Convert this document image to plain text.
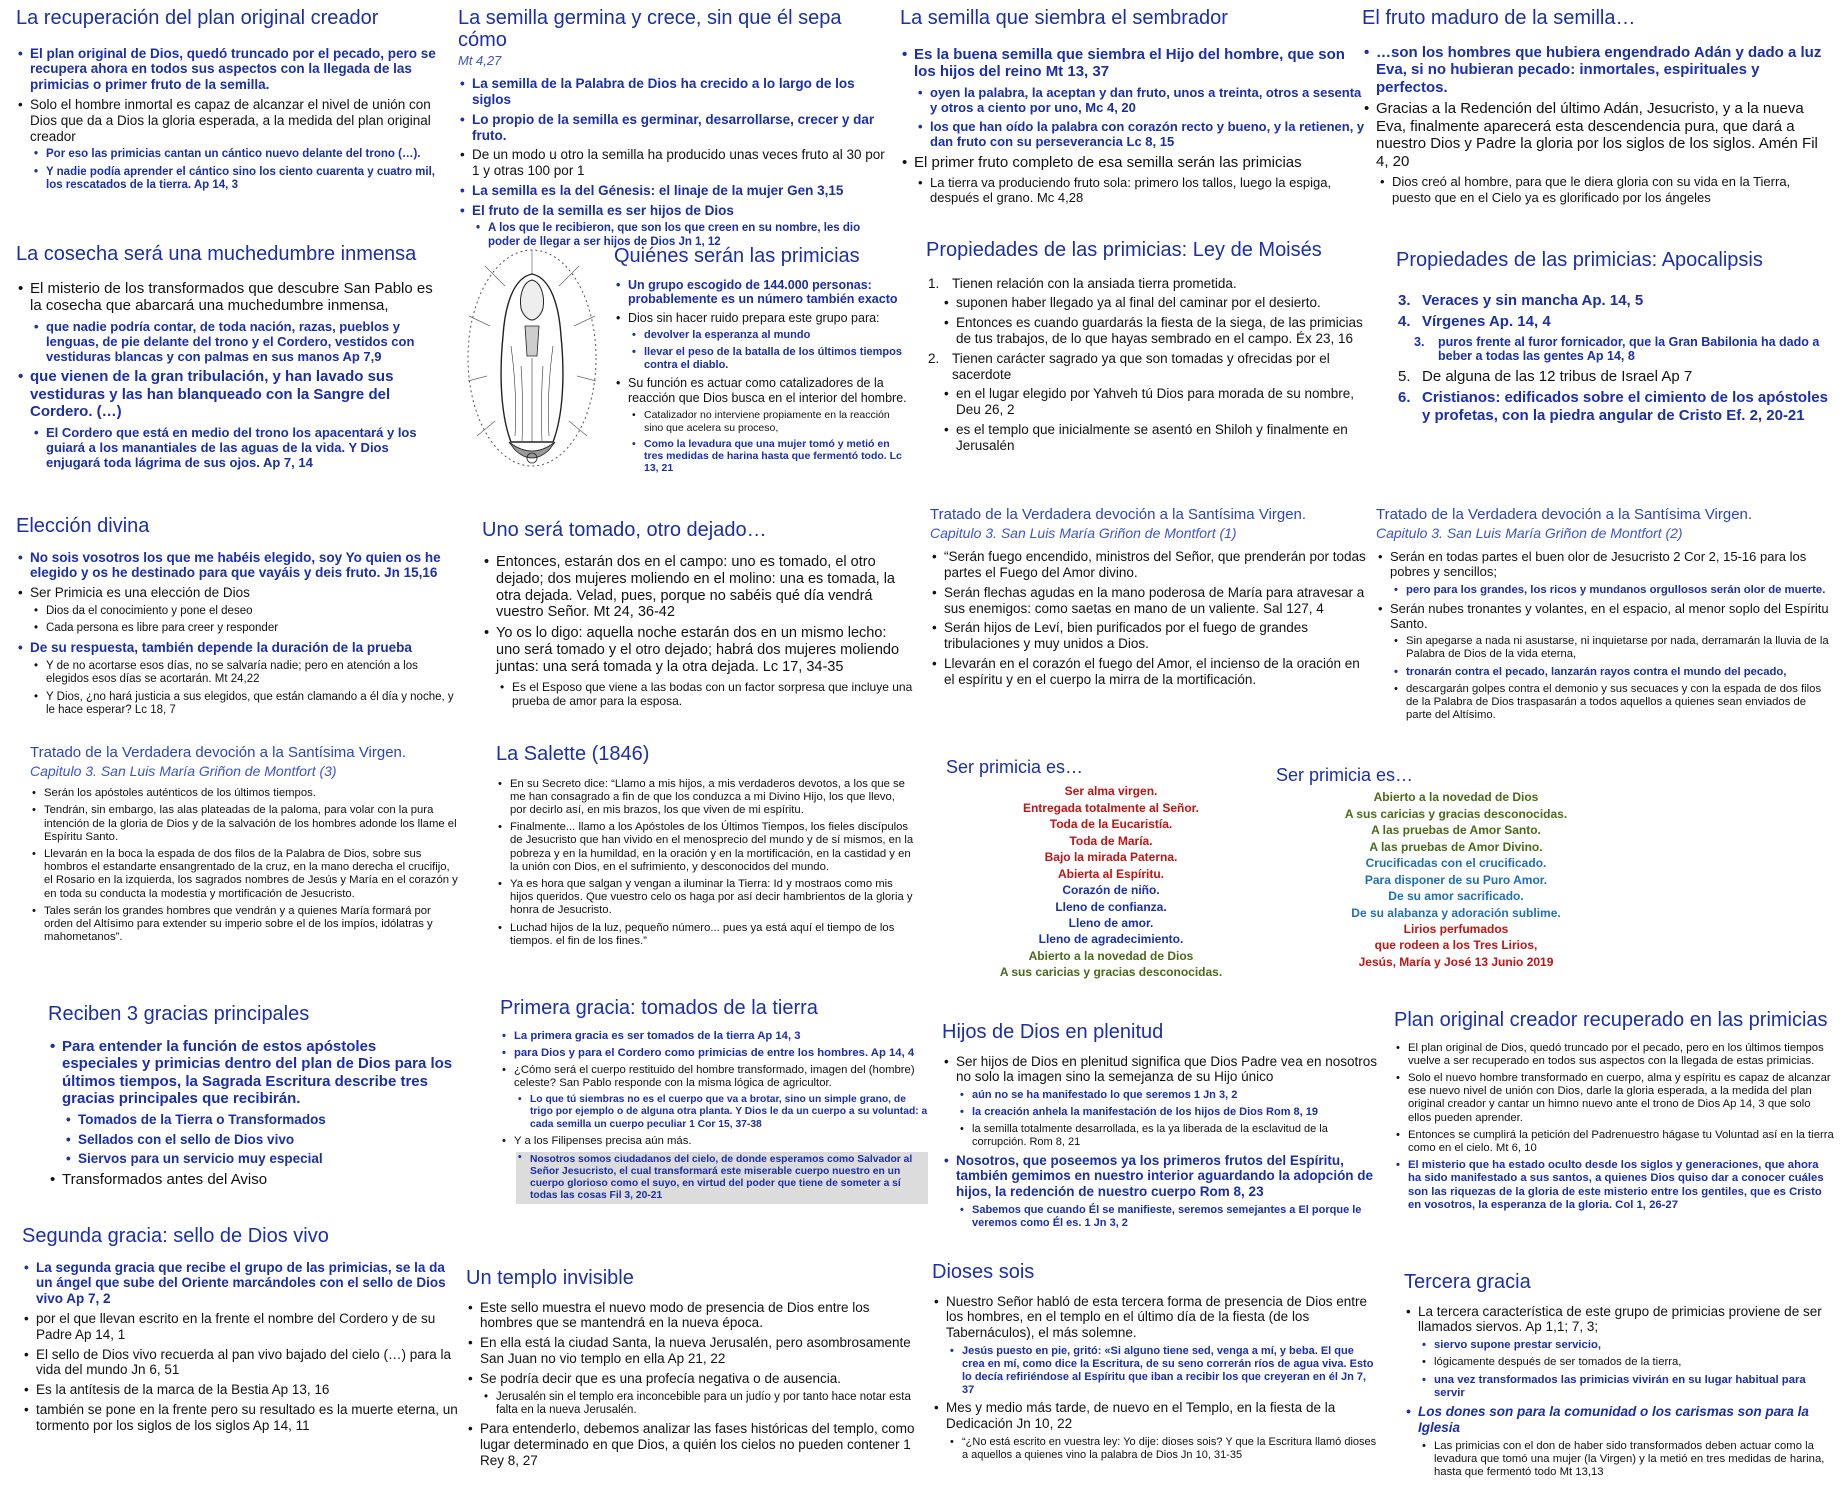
La recuperación del plan original creador
• El plan original de Dios, quedó truncado por el pecado, pero se recupera ahora en todos sus aspectos con la llegada de las primicias o primer fruto de la semilla.
• Solo el hombre inmortal es capaz de alcanzar el nivel de unión con Dios que da a Dios la gloria esperada, a la medida del plan original creador
• Por eso las primicias cantan un cántico nuevo delante del trono (…).
• Y nadie podía aprender el cántico sino los ciento cuarenta y cuatro mil, los rescatados de la tierra. Ap 14, 3
La cosecha será una muchedumbre inmensa
• El misterio de los transformados que descubre San Pablo es la cosecha que abarcará una muchedumbre inmensa,
• que nadie podría contar, de toda nación, razas, pueblos y lenguas, de pie delante del trono y el Cordero, vestidos con vestiduras blancas y con palmas en sus manos Ap 7,9
• que vienen de la gran tribulación, y han lavado sus vestiduras y las han blanqueado con la Sangre del Cordero. (…)
• El Cordero que está en medio del trono los apacentará y los guiará a los manantiales de las aguas de la vida. Y Dios enjugará toda lágrima de sus ojos. Ap 7, 14
Elección divina
• No sois vosotros los que me habéis elegido, soy Yo quien os he elegido y os he destinado para que vayáis y deis fruto. Jn 15,16
• Ser Primicia es una elección de Dios
• Dios da el conocimiento y pone el deseo
• Cada persona es libre para creer y responder
• De su respuesta, también depende la duración de la prueba
• Y de no acortarse esos días, no se salvaría nadie; pero en atención a los elegidos esos días se acortarán. Mt 24,22
• Y Dios, ¿no hará justicia a sus elegidos, que están clamando a él día y noche, y le hace esperar? Lc 18, 7
Tratado de la Verdadera devoción a la Santísima Virgen.
Capitulo 3. San Luis María Griñon de Montfort (3)
• Serán los apóstoles auténticos de los últimos tiempos.
• Tendrán, sin embargo, las alas plateadas de la paloma, para volar con la pura intención de la gloria de Dios y de la salvación de los hombres adonde los llame el Espíritu Santo.
• Llevarán en la boca la espada de dos filos de la Palabra de Dios, sobre sus hombros el estandarte ensangrentado de la cruz, en la mano derecha el crucifijo, el Rosario en la izquierda, los sagrados nombres de Jesús y María en el corazón y en toda su conducta la modestia y mortificación de Jesucristo.
• Tales serán los grandes hombres que vendrán y a quienes María formará por orden del Altísimo para extender su imperio sobre el de los impíos, idólatras y mahometanos”.
Reciben 3 gracias principales
• Para entender la función de estos apóstoles especiales y primicias dentro del plan de Dios para los últimos tiempos, la Sagrada Escritura describe tres gracias principales que recibirán.
• Tomados de la Tierra o Transformados
• Sellados con el sello de Dios vivo
• Siervos para un servicio muy especial
• Transformados antes del Aviso
Segunda gracia: sello de Dios vivo
• La segunda gracia que recibe el grupo de las primicias, se la da un ángel que sube del Oriente marcándoles con el sello de Dios vivo Ap 7, 2
• por el que llevan escrito en la frente el nombre del Cordero y de su Padre Ap 14, 1
• El sello de Dios vivo recuerda al pan vivo bajado del cielo (…) para la vida del mundo Jn 6, 51
• Es la antítesis de la marca de la Bestia Ap 13, 16
• también se pone en la frente pero su resultado es la muerte eterna, un tormento por los siglos de los siglos Ap 14, 11
La semilla germina y crece, sin que él sepa cómo
Mt 4,27
• La semilla de la Palabra de Dios ha crecido a lo largo de los siglos
• Lo propio de la semilla es germinar, desarrollarse, crecer y dar fruto.
• De un modo u otro la semilla ha producido unas veces fruto al 30 por 1 y otras 100 por 1
• La semilla es la del Génesis: el linaje de la mujer Gen 3,15
• El fruto de la semilla es ser hijos de Dios
• A los que le recibieron, que son los que creen en su nombre, les dio poder de llegar a ser hijos de Dios Jn 1, 12
Quiénes serán las primicias
• Un grupo escogido de 144.000 personas: probablemente es un número también exacto
• Dios sin hacer ruido prepara este grupo para:
• devolver la esperanza al mundo
• llevar el peso de la batalla de los últimos tiempos contra el diablo.
• Su función es actuar como catalizadores de la reacción que Dios busca en el interior del hombre.
• Catalizador no interviene propiamente en la reacción sino que acelera su proceso,
• Como la levadura que una mujer tomó y metió en tres medidas de harina hasta que fermentó todo. Lc 13, 21
Uno será tomado, otro dejado…
• Entonces, estarán dos en el campo: uno es tomado, el otro dejado; dos mujeres moliendo en el molino: una es tomada, la otra dejada. Velad, pues, porque no sabéis qué día vendrá vuestro Señor. Mt 24, 36-42
• Yo os lo digo: aquella noche estarán dos en un mismo lecho: uno será tomado y el otro dejado; habrá dos mujeres moliendo juntas: una será tomada y la otra dejada. Lc 17, 34-35
• Es el Esposo que viene a las bodas con un factor sorpresa que incluye una prueba de amor para la esposa.
La Salette (1846)
• En su Secreto dice: “Llamo a mis hijos, a mis verdaderos devotos, a los que se me han consagrado a fin de que los conduzca a mi Divino Hijo, los que llevo, por decirlo así, en mis brazos, los que viven de mi espíritu.
• Finalmente... llamo a los Apóstoles de los Últimos Tiempos, los fieles discípulos de Jesucristo que han vivido en el menosprecio del mundo y de sí mismos, en la pobreza y en la humildad, en la oración y en la mortificación, en la castidad y en la unión con Dios, en el sufrimiento, y desconocidos del mundo.
• Ya es hora que salgan y vengan a iluminar la Tierra: Id y mostraos como mis hijos queridos. Que vuestro celo os haga por así decir hambrientos de la gloria y honra de Jesucristo.
• Luchad hijos de la luz, pequeño número... pues ya está aquí el tiempo de los tiempos. el fin de los fines.”
Primera gracia: tomados de la tierra
• La primera gracia es ser tomados de la tierra Ap 14, 3
• para Dios y para el Cordero como primicias de entre los hombres. Ap 14, 4
• ¿Cómo será el cuerpo restituido del hombre transformado, imagen del (hombre) celeste? San Pablo responde con la misma lógica de agricultor.
• Lo que tú siembras no es el cuerpo que va a brotar, sino un simple grano, de trigo por ejemplo o de alguna otra planta. Y Dios le da un cuerpo a su voluntad: a cada semilla un cuerpo peculiar 1 Cor 15, 37-38
• Y a los Filipenses precisa aún más.
• Nosotros somos ciudadanos del cielo, de donde esperamos como Salvador al Señor Jesucristo, el cual transformará este miserable cuerpo nuestro en un cuerpo glorioso como el suyo, en virtud del poder que tiene de someter a sí todas las cosas Fil 3, 20-21
Un templo invisible
• Este sello muestra el nuevo modo de presencia de Dios entre los hombres que se mantendrá en la nueva época.
• En ella está la ciudad Santa, la nueva Jerusalén, pero asombrosamente San Juan no vio templo en ella Ap 21, 22
• Se podría decir que es una profecía negativa o de ausencia.
• Jerusalén sin el templo era inconcebible para un judío y por tanto hace notar esta falta en la nueva Jerusalén.
• Para entenderlo, debemos analizar las fases históricas del templo, como lugar determinado en que Dios, a quién los cielos no pueden contener 1 Rey 8, 27
La semilla que siembra el sembrador
• Es la buena semilla que siembra el Hijo del hombre, que son los hijos del reino Mt 13, 37
• oyen la palabra, la aceptan y dan fruto, unos a treinta, otros a sesenta y otros a ciento por uno, Mc 4, 20
• los que han oído la palabra con corazón recto y bueno, y la retienen, y dan fruto con su perseverancia Lc 8, 15
• El primer fruto completo de esa semilla serán las primicias
• La tierra va produciendo fruto sola: primero los tallos, luego la espiga, después el grano. Mc 4,28
Propiedades de las primicias: Ley de Moisés
1. Tienen relación con la ansiada tierra prometida.
• suponen haber llegado ya al final del caminar por el desierto.
• Entonces es cuando guardarás la fiesta de la siega, de las primicias de tus trabajos, de lo que hayas sembrado en el campo. Éx 23, 16
2. Tienen carácter sagrado ya que son tomadas y ofrecidas por el sacerdote
• en el lugar elegido por Yahveh tú Dios para morada de su nombre, Deu 26, 2
• es el templo que inicialmente se asentó en Shiloh y finalmente en Jerusalén
Tratado de la Verdadera devoción a la Santísima Virgen.
Capitulo 3. San Luis María Griñon de Montfort (1)
• “Serán fuego encendido, ministros del Señor, que prenderán por todas partes el Fuego del Amor divino.
• Serán flechas agudas en la mano poderosa de María para atravesar a sus enemigos: como saetas en mano de un valiente. Sal 127, 4
• Serán hijos de Leví, bien purificados por el fuego de grandes tribulaciones y muy unidos a Dios.
• Llevarán en el corazón el fuego del Amor, el incienso de la oración en el espíritu y en el cuerpo la mirra de la mortificación.
Ser primicia es…

Ser alma virgen.

Entregada totalmente al Señor.

Toda de la Eucaristía.

Toda de María.

Bajo la mirada Paterna.

Abierta al Espíritu.

Corazón de niño.

Lleno de confianza.

Lleno de amor.

Lleno de agradecimiento.

Abierto a la novedad de Dios

A sus caricias y gracias desconocidas.

Hijos de Dios en plenitud
• Ser hijos de Dios en plenitud significa que Dios Padre vea en nosotros no solo la imagen sino la semejanza de su Hijo único
• aún no se ha manifestado lo que seremos 1 Jn 3, 2
• la creación anhela la manifestación de los hijos de Dios Rom 8, 19
• la semilla totalmente desarrollada, es la ya liberada de la esclavitud de la corrupción. Rom 8, 21
• Nosotros, que poseemos ya los primeros frutos del Espíritu, también gemimos en nuestro interior aguardando la adopción de hijos, la redención de nuestro cuerpo Rom 8, 23
• Sabemos que cuando Él se manifieste, seremos semejantes a El porque le veremos como Él es. 1 Jn 3, 2
Dioses sois
• Nuestro Señor habló de esta tercera forma de presencia de Dios entre los hombres, en el templo en el último día de la fiesta (de los Tabernáculos), el más solemne.
• Jesús puesto en pie, gritó: «Si alguno tiene sed, venga a mí, y beba. El que crea en mí, como dice la Escritura, de su seno correrán ríos de agua viva. Esto lo decía refiriéndose al Espíritu que iban a recibir los que creyeran en él Jn 7, 37
• Mes y medio más tarde, de nuevo en el Templo, en la fiesta de la Dedicación Jn 10, 22
• “¿No está escrito en vuestra ley: Yo dije: dioses sois? Y que la Escritura llamó dioses a aquellos a quienes vino la palabra de Dios Jn 10, 31-35
El fruto maduro de la semilla…
• …son los hombres que hubiera engendrado Adán y dado a luz Eva, si no hubieran pecado: inmortales, espirituales y perfectos.
• Gracias a la Redención del último Adán, Jesucristo, y a la nueva Eva, finalmente aparecerá esta descendencia pura, que dará a nuestro Dios y Padre la gloria por los siglos de los siglos. Amén Fil 4, 20
• Dios creó al hombre, para que le diera gloria con su vida en la Tierra, puesto que en el Cielo ya es glorificado por los ángeles
Propiedades de las primicias: Apocalipsis
3. Veraces y sin mancha Ap. 14, 5
4. Vírgenes Ap. 14, 4
3. puros frente al furor fornicador, que la Gran Babilonia ha dado a beber a todas las gentes Ap 14, 8
5. De alguna de las 12 tribus de Israel Ap 7
6. Cristianos: edificados sobre el cimiento de los apóstoles y profetas, con la piedra angular de Cristo Ef. 2, 20-21
Tratado de la Verdadera devoción a la Santísima Virgen.
Capitulo 3. San Luis María Griñon de Montfort (2)
• Serán en todas partes el buen olor de Jesucristo 2 Cor 2, 15-16 para los pobres y sencillos;
• pero para los grandes, los ricos y mundanos orgullosos serán olor de muerte.
• Serán nubes tronantes y volantes, en el espacio, al menor soplo del Espíritu Santo.
• Sin apegarse a nada ni asustarse, ni inquietarse por nada, derramarán la lluvia de la Palabra de Dios de la vida eterna,
• tronarán contra el pecado, lanzarán rayos contra el mundo del pecado,
• descargarán golpes contra el demonio y sus secuaces y con la espada de dos filos de la Palabra de Dios traspasarán a todos aquellos a quienes sean enviados de parte del Altísimo.
Ser primicia es…

Abierto a la novedad de Dios

A sus caricias y gracias desconocidas.

A las pruebas de Amor Santo.

A las pruebas de Amor Divino.

Crucificadas con el crucificado.

Para disponer de su Puro Amor.

De su amor sacrificado.

De su alabanza y adoración sublime.

Lirios perfumados

que rodeen a los Tres Lirios,

Jesús, María y José 13 Junio 2019

Plan original creador recuperado en las primicias
• El plan original de Dios, quedó truncado por el pecado, pero en los últimos tiempos vuelve a ser recuperado en todos sus aspectos con la llegada de estas primicias.
• Solo el nuevo hombre transformado en cuerpo, alma y espíritu es capaz de alcanzar ese nuevo nivel de unión con Dios, darle la gloria esperada, a la medida del plan original creador y cantar un himno nuevo ante el trono de Dios Ap 14, 3 que solo ellos pueden aprender.
• Entonces se cumplirá la petición del Padrenuestro hágase tu Voluntad así en la tierra como en el cielo. Mt 6, 10
• El misterio que ha estado oculto desde los siglos y generaciones, que ahora ha sido manifestado a sus santos, a quienes Dios quiso dar a conocer cuáles son las riquezas de la gloria de este misterio entre los gentiles, que es Cristo en vosotros, la esperanza de la gloria. Col 1, 26-27
Tercera gracia
• La tercera característica de este grupo de primicias proviene de ser llamados siervos. Ap 1,1; 7, 3;
• siervo supone prestar servicio,
• lógicamente después de ser tomados de la tierra,
• una vez transformados las primicias vivirán en su lugar habitual para servir
• Los dones son para la comunidad o los carismas son para la Iglesia
• Las primicias con el don de haber sido transformados deben actuar como la levadura que tomó una mujer (la Virgen) y la metió en tres medidas de harina, hasta que fermentó todo Mt 13,13
